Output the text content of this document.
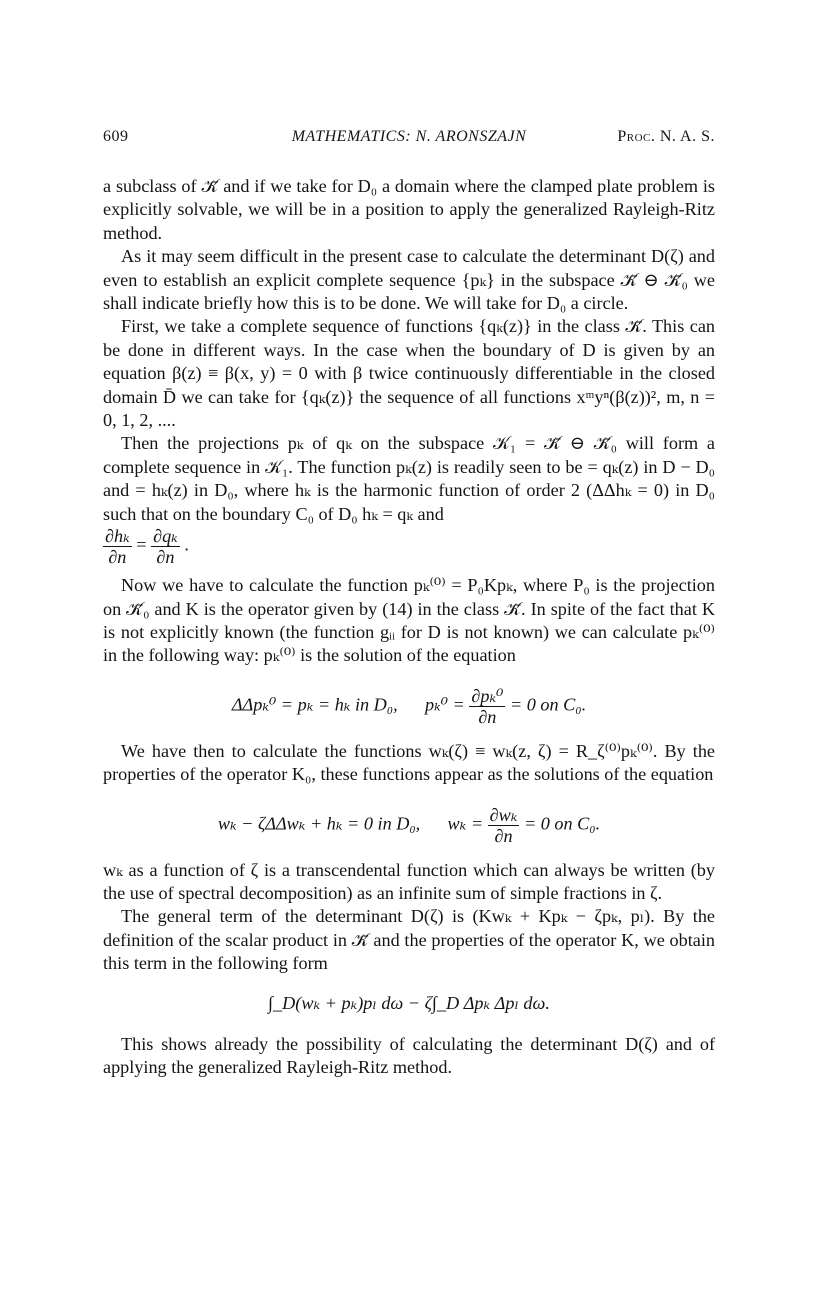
609	MATHEMATICS: N. ARONSZAJN	Proc. N. A. S.

a subclass of 𝒦̄ and if we take for D₀ a domain where the clamped plate problem is explicitly solvable, we will be in a position to apply the generalized Rayleigh-Ritz method.

As it may seem difficult in the present case to calculate the determinant D(ζ) and even to establish an explicit complete sequence {pₖ} in the subspace 𝒦̄ ⊖ 𝒦̄₀ we shall indicate briefly how this is to be done. We will take for D₀ a circle.

First, we take a complete sequence of functions {qₖ(z)} in the class 𝒦̄. This can be done in different ways. In the case when the boundary of D is given by an equation β(z) ≡ β(x, y) = 0 with β twice continuously differentiable in the closed domain D̄ we can take for {qₖ(z)} the sequence of all functions xᵐyⁿ(β(z))², m, n = 0, 1, 2, ....

Then the projections pₖ of qₖ on the subspace 𝒦₁ = 𝒦̄ ⊖ 𝒦̄₀ will form a complete sequence in 𝒦₁. The function pₖ(z) is readily seen to be = qₖ(z) in D − D₀ and = hₖ(z) in D₀, where hₖ is the harmonic function of order 2 (ΔΔhₖ = 0) in D₀ such that on the boundary C₀ of D₀ hₖ = qₖ and

$\frac{\text{∂hₖ}}{\partial n} = \frac{\text{∂qₖ}}{\partial n}$ .

Now we have to calculate the function pₖ⁽⁰⁾ = P₀Kpₖ, where P₀ is the projection on 𝒦̄₀ and K is the operator given by (14) in the class 𝒦̄. In spite of the fact that K is not explicitly known (the function gᵢᵢ for D is not known) we can calculate pₖ⁽⁰⁾ in the following way: pₖ⁽⁰⁾ is the solution of the equation

ΔΔpₖ⁰ = pₖ = hₖ in D₀, $p_k^0 = \frac{\text{∂pₖ⁰}}{\partial n} = 0$ on C₀.

We have then to calculate the functions wₖ(ζ) ≡ wₖ(z, ζ) = R_ζ⁽⁰⁾pₖ⁽⁰⁾. By the properties of the operator K₀, these functions appear as the solutions of the equation

wₖ − ζΔΔwₖ + hₖ = 0 in D₀, $w_k = \frac{\text{∂wₖ}}{\partial n} = 0$ on C₀.

wₖ as a function of ζ is a transcendental function which can always be written (by the use of spectral decomposition) as an infinite sum of simple fractions in ζ.

The general term of the determinant D(ζ) is (Kwₖ + Kpₖ − ζpₖ, pₗ). By the definition of the scalar product in 𝒦̄ and the properties of the operator K, we obtain this term in the following form

∫_D(wₖ + pₖ)pₗ dω − ζ∫_D Δpₖ Δpₗ dω.

This shows already the possibility of calculating the determinant D(ζ) and of applying the generalized Rayleigh-Ritz method.
